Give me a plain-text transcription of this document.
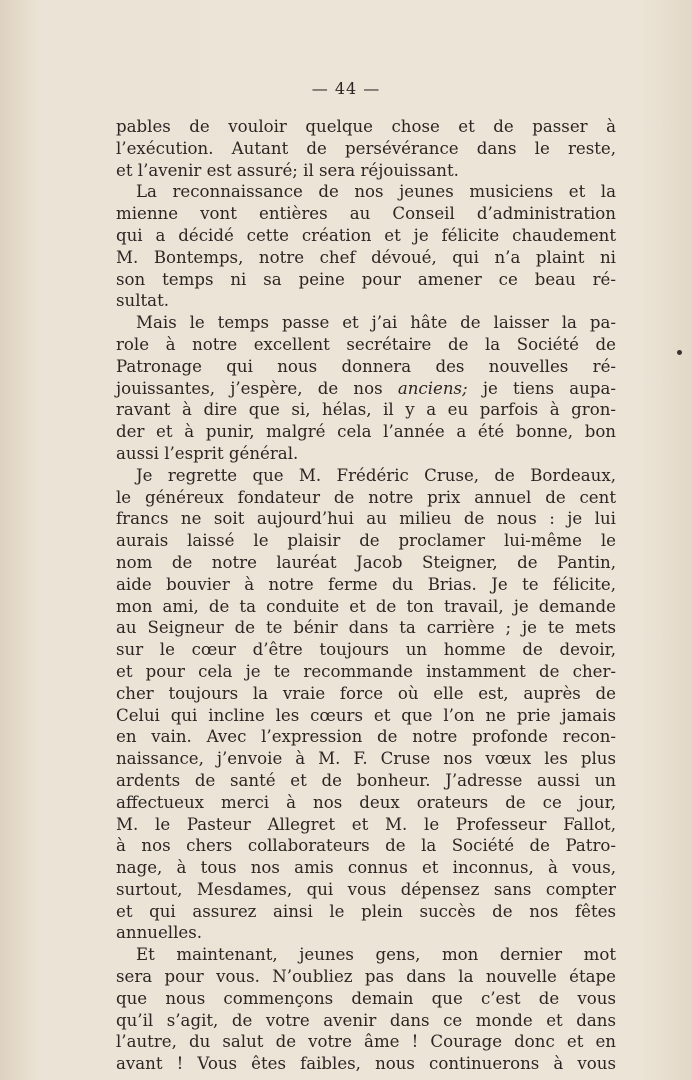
— 44 —
pables de vouloir quelque chose et de passer à
l’exécution. Autant de persévérance dans le reste,
et l’avenir est assuré; il sera réjouissant.
La reconnaissance de nos jeunes musiciens et la
mienne vont entières au Conseil d’administration
qui a décidé cette création et je félicite chaudement
M. Bontemps, notre chef dévoué, qui n’a plaint ni
son temps ni sa peine pour amener ce beau ré-
sultat.
Mais le temps passe et j’ai hâte de laisser la pa-
role à notre excellent secrétaire de la Société de
Patronage qui nous donnera des nouvelles ré-
jouissantes, j’espère, de nos anciens; je tiens aupa-
ravant à dire que si, hélas, il y a eu parfois à gron-
der et à punir, malgré cela l’année a été bonne, bon
aussi l’esprit général.
Je regrette que M. Frédéric Cruse, de Bordeaux,
le généreux fondateur de notre prix annuel de cent
francs ne soit aujourd’hui au milieu de nous : je lui
aurais laissé le plaisir de proclamer lui-même le
nom de notre lauréat Jacob Steigner, de Pantin,
aide bouvier à notre ferme du Brias. Je te félicite,
mon ami, de ta conduite et de ton travail, je demande
au Seigneur de te bénir dans ta carrière ; je te mets
sur le cœur d’être toujours un homme de devoir,
et pour cela je te recommande instamment de cher-
cher toujours la vraie force où elle est, auprès de
Celui qui incline les cœurs et que l’on ne prie jamais
en vain. Avec l’expression de notre profonde recon-
naissance, j’envoie à M. F. Cruse nos vœux les plus
ardents de santé et de bonheur. J’adresse aussi un
affectueux merci à nos deux orateurs de ce jour,
M. le Pasteur Allegret et M. le Professeur Fallot,
à nos chers collaborateurs de la Société de Patro-
nage, à tous nos amis connus et inconnus, à vous,
surtout, Mesdames, qui vous dépensez sans compter
et qui assurez ainsi le plein succès de nos fêtes
annuelles.
Et maintenant, jeunes gens, mon dernier mot
sera pour vous. N’oubliez pas dans la nouvelle étape
que nous commençons demain que c’est de vous
qu’il s’agit, de votre avenir dans ce monde et dans
l’autre, du salut de votre âme ! Courage donc et en
avant ! Vous êtes faibles, nous continuerons à vous
